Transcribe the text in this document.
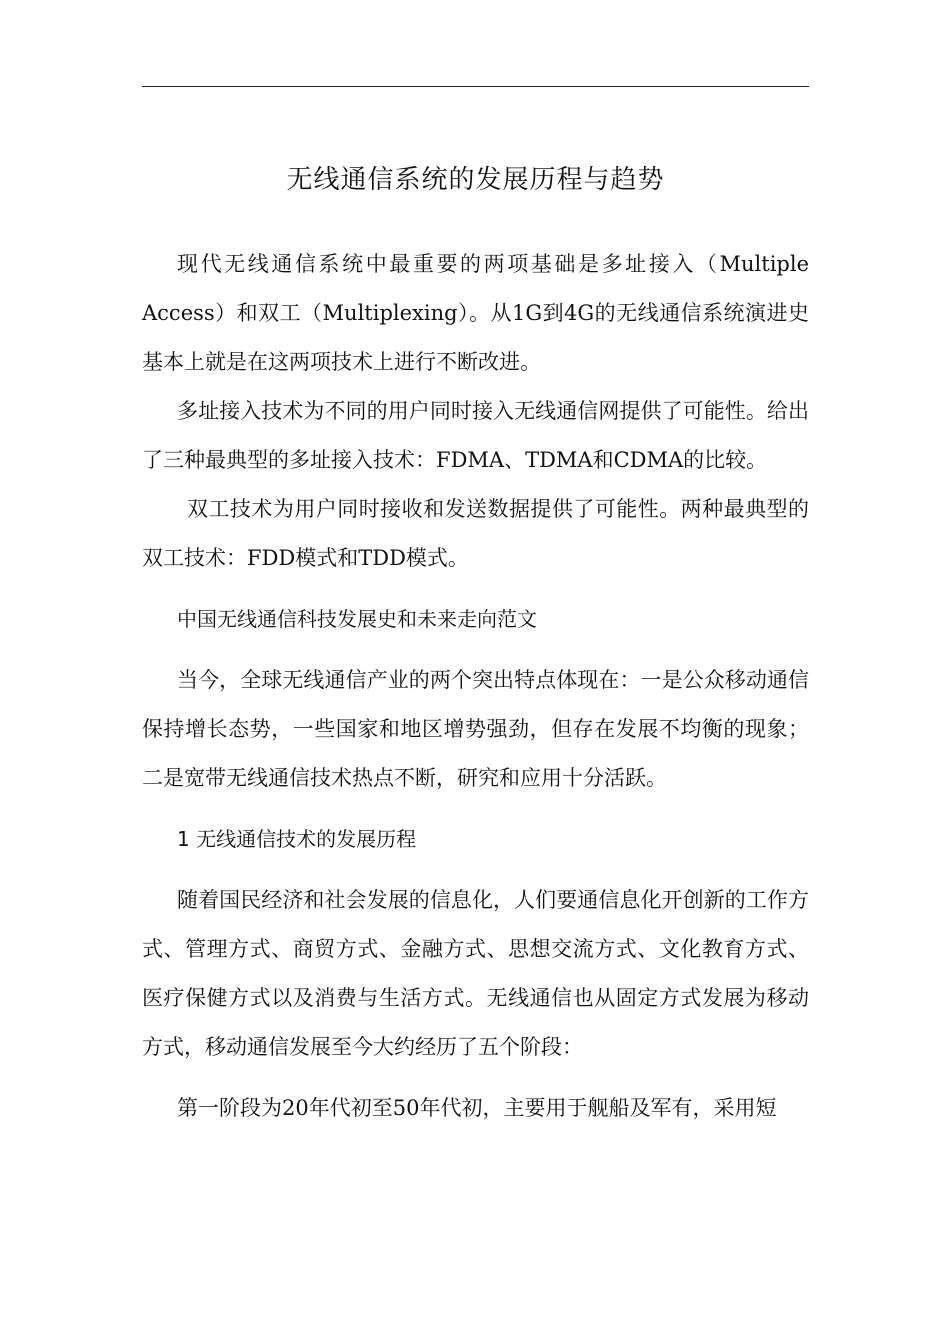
无线通信系统的发展历程与趋势

现代无线通信系统中最重要的两项基础是多址接入（Multiple Access）和双工（Multiplexing）。从1G到4G的无线通信系统演进史基本上就是在这两项技术上进行不断改进。

多址接入技术为不同的用户同时接入无线通信网提供了可能性。给出了三种最典型的多址接入技术：FDMA、TDMA和CDMA的比较。

双工技术为用户同时接收和发送数据提供了可能性。两种最典型的双工技术：FDD模式和TDD模式。

中国无线通信科技发展史和未来走向范文

当今，全球无线通信产业的两个突出特点体现在：一是公众移动通信保持增长态势，一些国家和地区增势强劲，但存在发展不均衡的现象；二是宽带无线通信技术热点不断，研究和应用十分活跃。

1 无线通信技术的发展历程

随着国民经济和社会发展的信息化，人们要通信息化开创新的工作方式、管理方式、商贸方式、金融方式、思想交流方式、文化教育方式、医疗保健方式以及消费与生活方式。无线通信也从固定方式发展为移动方式，移动通信发展至今大约经历了五个阶段：

第一阶段为20年代初至50年代初，主要用于舰船及军有，采用短
